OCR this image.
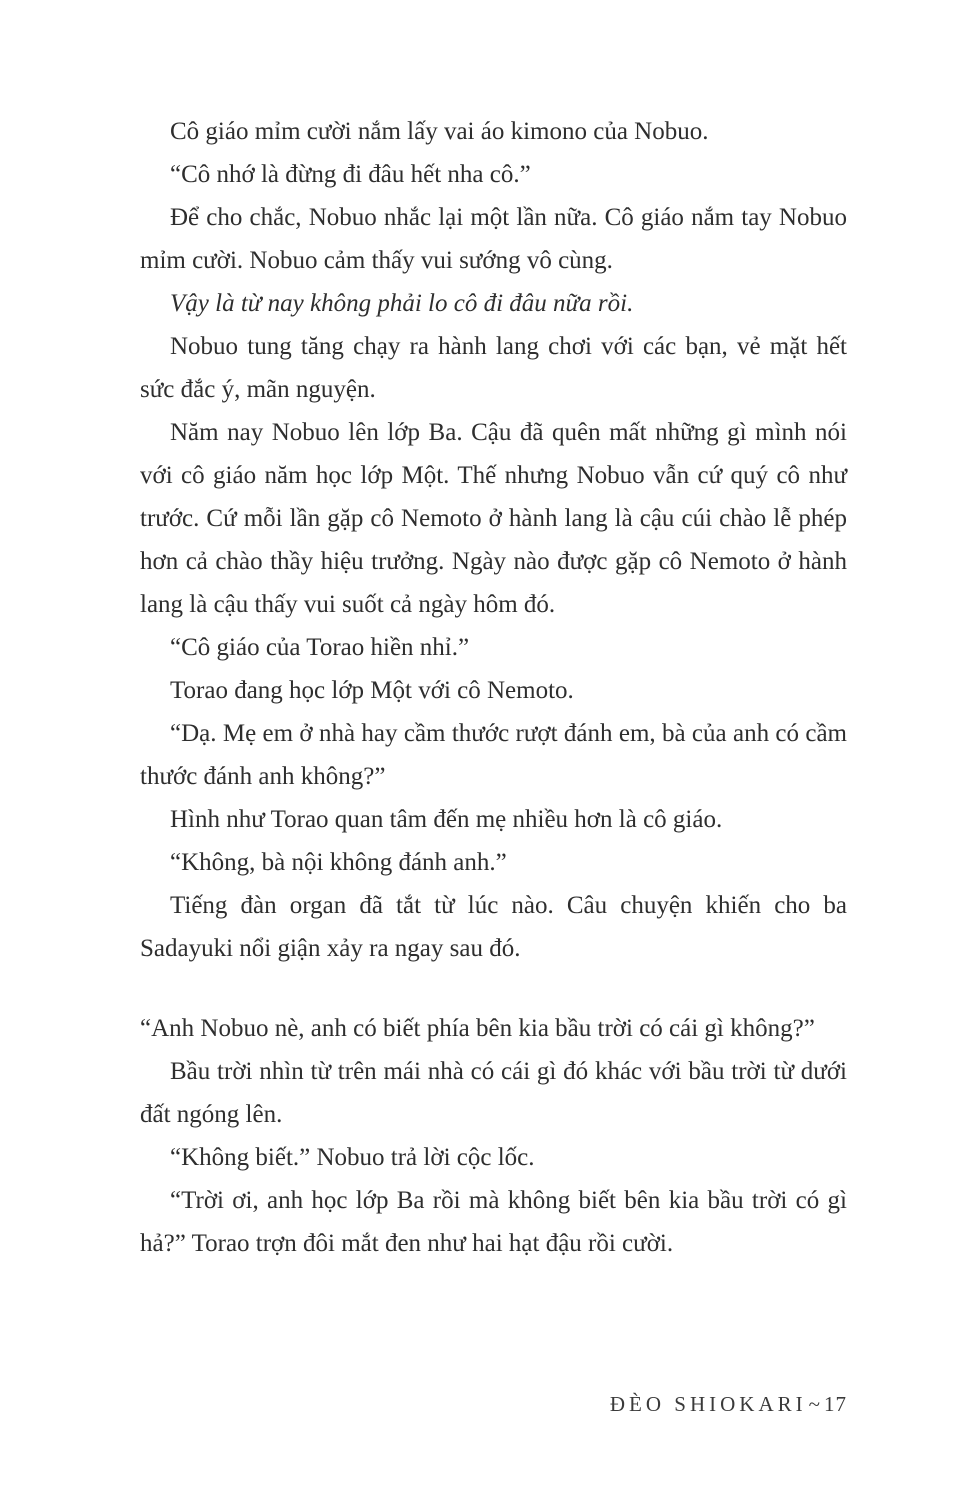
Cô giáo mỉm cười nắm lấy vai áo kimono của Nobuo.

“Cô nhớ là đừng đi đâu hết nha cô.”

Để cho chắc, Nobuo nhắc lại một lần nữa. Cô giáo nắm tay Nobuo mỉm cười. Nobuo cảm thấy vui sướng vô cùng.

Vậy là từ nay không phải lo cô đi đâu nữa rồi.

Nobuo tung tăng chạy ra hành lang chơi với các bạn, vẻ mặt hết sức đắc ý, mãn nguyện.

Năm nay Nobuo lên lớp Ba. Cậu đã quên mất những gì mình nói với cô giáo năm học lớp Một. Thế nhưng Nobuo vẫn cứ quý cô như trước. Cứ mỗi lần gặp cô Nemoto ở hành lang là cậu cúi chào lễ phép hơn cả chào thầy hiệu trưởng. Ngày nào được gặp cô Nemoto ở hành lang là cậu thấy vui suốt cả ngày hôm đó.

“Cô giáo của Torao hiền nhỉ.”

Torao đang học lớp Một với cô Nemoto.

“Dạ. Mẹ em ở nhà hay cầm thước rượt đánh em, bà của anh có cầm thước đánh anh không?”

Hình như Torao quan tâm đến mẹ nhiều hơn là cô giáo.

“Không, bà nội không đánh anh.”

Tiếng đàn organ đã tắt từ lúc nào. Câu chuyện khiến cho ba Sadayuki nổi giận xảy ra ngay sau đó.

“Anh Nobuo nè, anh có biết phía bên kia bầu trời có cái gì không?”

Bầu trời nhìn từ trên mái nhà có cái gì đó khác với bầu trời từ dưới đất ngóng lên.

“Không biết.” Nobuo trả lời cộc lốc.

“Trời ơi, anh học lớp Ba rồi mà không biết bên kia bầu trời có gì hả?” Torao trợn đôi mắt đen như hai hạt đậu rồi cười.

ĐÈO SHIOKARI~ 17
